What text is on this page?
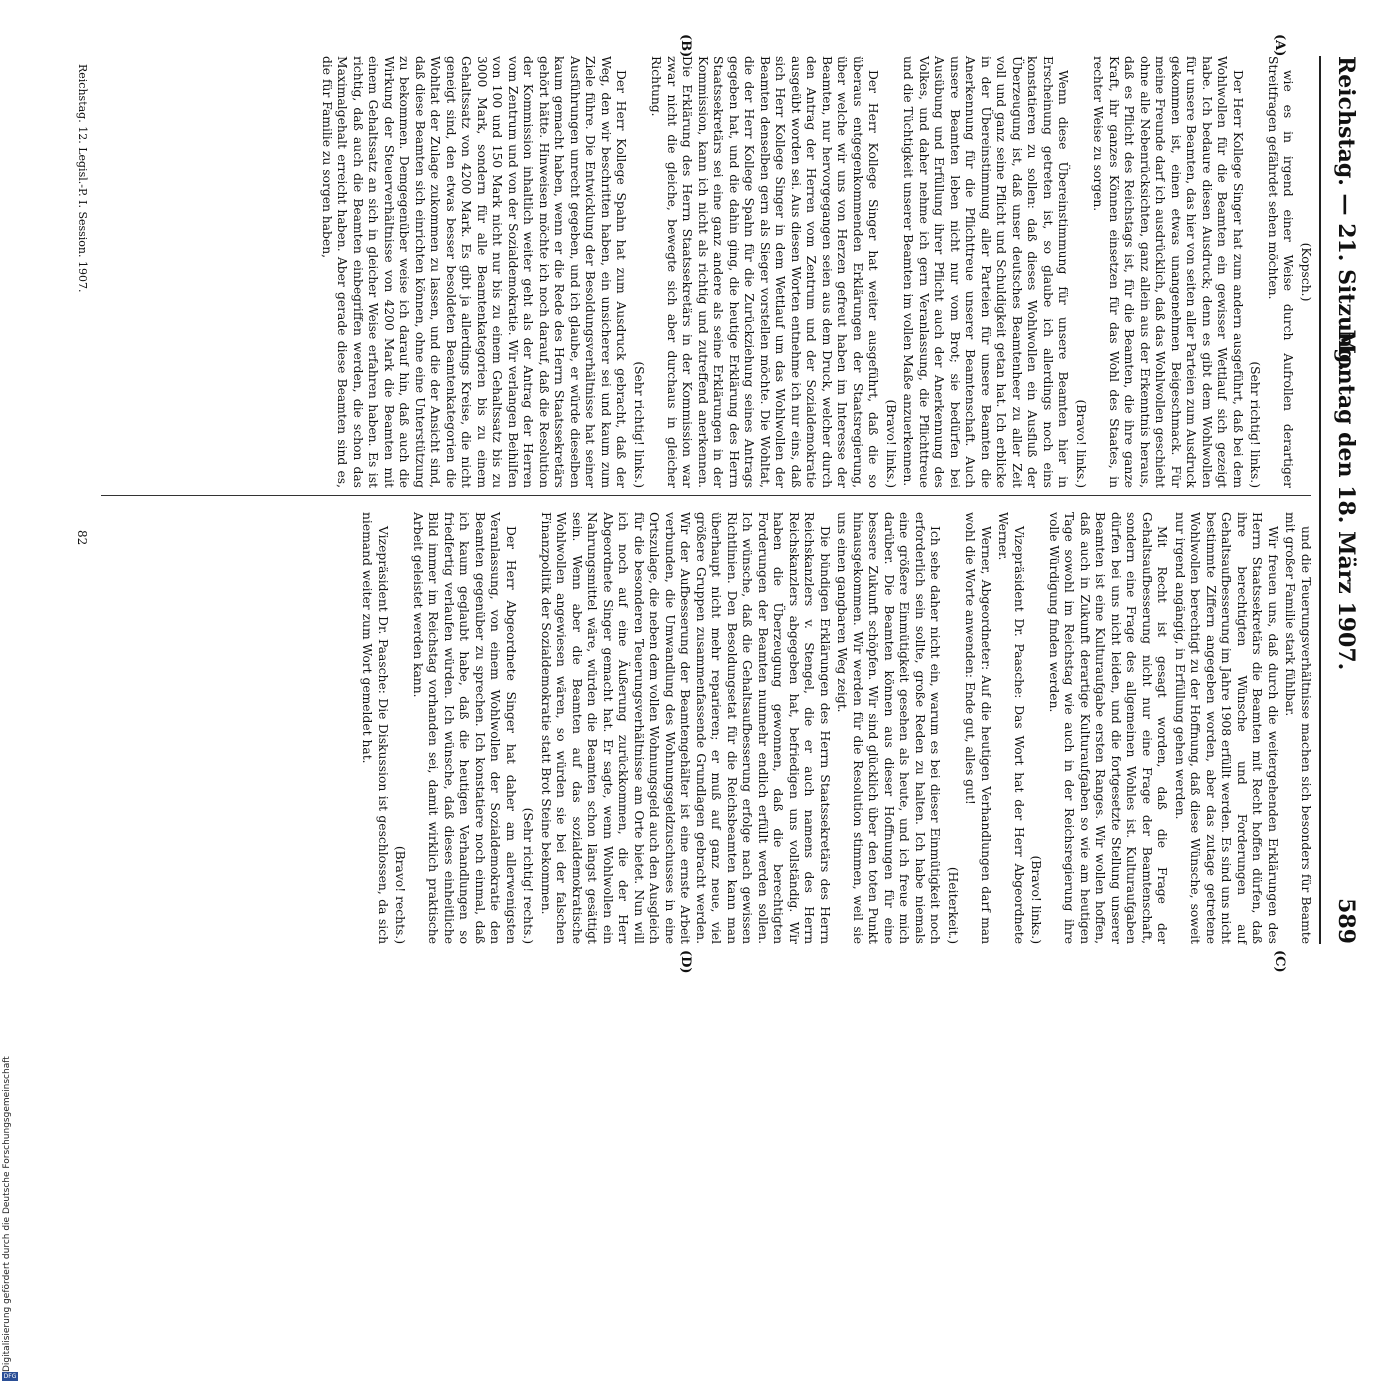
Reichstag. — 21. Sitzung.
Montag den 18. März 1907.
589
(A)
(B)
(C)
(D)

(Kopsch.)

wie es in irgend einer Weise durch Aufrollen derartiger Streitfragen gefährdet sehen möchten.

(Sehr richtig! links.)

Der Herr Kollege Singer hat zum andern ausgeführt, daß bei dem Wohlwollen für die Beamten ein gewisser Wettlauf sich gezeigt habe. Ich bedaure diesen Ausdruck; denn es gibt dem Wohlwollen für unsere Beamten, das hier von seiten aller Parteien zum Ausdruck gekommen ist, einen etwas unangenehmen Beigeschmack. Für meine Freunde darf ich ausdrücklich, daß das Wohlwollen geschieht ohne alle Nebenrücksichten, ganz allein aus der Erkenntnis heraus, daß es Pflicht des Reichstags ist, für die Beamten, die ihre ganze Kraft, ihr ganzes Können einsetzen für das Wohl des Staates, in rechter Weise zu sorgen.

(Bravo! links.)

Wenn diese Übereinstimmung für unsere Beamten hier in Erscheinung getreten ist, so glaube ich allerdings noch eins konstatieren zu sollen: daß dieses Wohlwollen ein Ausfluß der Überzeugung ist, daß unser deutsches Beamtenheer zu aller Zeit voll und ganz seine Pflicht und Schuldigkeit getan hat. Ich erblicke in der Übereinstimmung aller Parteien für unsere Beamten die Anerkennung für die Pflichttreue unserer Beamtenschaft. Auch unsere Beamten leben nicht nur vom Brot; sie bedürfen bei Ausübung und Erfüllung ihrer Pflicht auch der Anerkennung des Volkes, und daher nehme ich gern Veranlassung, die Pflichttreue und die Tüchtigkeit unserer Beamten im vollen Maße anzuerkennen.

(Bravo! links.)

Der Herr Kollege Singer hat weiter ausgeführt, daß die so überaus entgegenkommenden Erklärungen der Staatsregierung, über welche wir uns von Herzen gefreut haben im Interesse der Beamten, nur hervorgegangen seien aus dem Druck, welcher durch den Antrag der Herren vom Zentrum und der Sozialdemokratie ausgeübt worden sei. Aus diesen Worten entnehme ich nur eins, daß sich Herr Kollege Singer in dem Wettlauf um das Wohlwollen der Beamten denselben gern als Sieger vorstellen möchte. Die Wohltat, die der Herr Kollege Spahn für die Zurückziehung seines Antrags gegeben hat, und die dahin ging, die heutige Erklärung des Herrn Staatssekretärs sei eine ganz andere als seine Erklärungen in der Kommission, kann ich nicht als richtig und zutreffend anerkennen. Die Erklärung des Herrn Staatssekretärs in der Kommission war zwar nicht die gleiche, bewegte sich aber durchaus in gleicher Richtung.

(Sehr richtig! links.)

Der Herr Kollege Spahn hat zum Ausdruck gebracht, daß der Weg, den wir beschritten haben, ein unsicherer sei und kaum zum Ziele führe. Die Entwicklung der Besoldungsverhältnisse hat seiner Ausführungen unrecht gegeben, und ich glaube, er würde dieselben kaum gemacht haben, wenn er die Rede des Herrn Staatssekretärs gehört hätte. Hinweisen möchte ich noch darauf, daß die Resolution der Kommission inhaltlich weiter geht als der Antrag der Herren vom Zentrum und von der Sozialdemokratie. Wir verlangen Beihilfen von 100 und 150 Mark nicht nur bis zu einem Gehaltssatz bis zu 3000 Mark, sondern für alle Beamtenkategorien bis zu einem Gehaltssatz von 4200 Mark. Es gibt ja allerdings Kreise, die nicht geneigt sind, den etwas besser besoldeten Beamtenkategorien die Wohltat der Zulage zukommen zu lassen, und die der Ansicht sind, daß diese Beamten sich einrichten können, ohne eine Unterstützung zu bekommen. Demgegenüber weise ich darauf hin, daß auch die Wirkung der Steuerverhältnisse von 4200 Mark die Beamten mit einem Gehaltssatz an sich in gleicher Weise erfahren haben. Es ist richtig, daß auch die Beamten einbegriffen werden, die schon das Maximalgehalt erreicht haben. Aber gerade diese Beamten sind es, die für Familie zu sorgen haben,

und die Teuerungsverhältnisse machen sich besonders für Beamte mit großer Familie stark fühlbar.

Wir freuen uns, daß durch die weitergehenden Erklärungen des Herrn Staatssekretärs die Beamten mit Recht hoffen dürfen, daß ihre berechtigten Wünsche und Forderungen auf Gehaltsaufbesserung im Jahre 1908 erfüllt werden. Es sind uns nicht bestimmte Ziffern angegeben worden, aber das zutage getretene Wohlwollen berechtigt zu der Hoffnung, daß diese Wünsche, soweit nur irgend angängig, in Erfüllung gehen werden.

Mit Recht ist gesagt worden, daß die Frage der Gehaltsaufbesserung nicht nur eine Frage der Beamtenschaft, sondern eine Frage des allgemeinen Wohles ist. Kulturaufgaben dürfen bei uns nicht leiden, und die fortgesetzte Stellung unserer Beamten ist eine Kulturaufgabe ersten Ranges. Wir wollen hoffen, daß auch in Zukunft derartige Kulturaufgaben so wie am heutigen Tage sowohl im Reichstag wie auch in der Reichsregierung ihre volle Würdigung finden werden.

(Bravo! links.)

Vizepräsident Dr. Paasche: Das Wort hat der Herr Abgeordnete Werner.

Werner, Abgeordneter: Auf die heutigen Verhandlungen darf man wohl die Worte anwenden: Ende gut, alles gut!

(Heiterkeit.)

Ich sehe daher nicht ein, warum es bei dieser Einmütigkeit noch erforderlich sein sollte, große Reden zu halten. Ich habe niemals eine größere Einmütigkeit gesehen als heute, und ich freue mich darüber. Die Beamten können aus dieser Hoffnungen für eine bessere Zukunft schöpfen. Wir sind glücklich über den toten Punkt hinausgekommen. Wir werden für die Resolution stimmen, weil sie uns einen gangbaren Weg zeigt.

Die bündigen Erklärungen des Herrn Staatssekretärs des Herrn Reichskanzlers v. Stengel, die er auch namens des Herrn Reichskanzlers abgegeben hat, befriedigen uns vollständig. Wir haben die Überzeugung gewonnen, daß die berechtigten Forderungen der Beamten nunmehr endlich erfüllt werden sollen. Ich wünsche, daß die Gehaltsaufbesserung erfolge nach gewissen Richtlinien. Den Besoldungsetat für die Reichsbeamten kann man überhaupt nicht mehr reparieren; er muß auf ganz neue, viel größere Gruppen zusammenfassende Grundlagen gebracht werden. Wir der Aufbesserung der Beamtengehälter ist eine ernste Arbeit verbunden, die Umwandlung des Wohnungsgeldzuschusses in eine Ortszulage, die neben dem vollen Wohnungsgeld auch den Ausgleich für die besonderen Teuerungsverhältnisse am Orte bietet. Nun will ich noch auf eine Äußerung zurückkommen, die der Herr Abgeordnete Singer gemacht hat. Er sagte, wenn Wohlwollen ein Nahrungsmittel wäre, würden die Beamten schon längst gesättigt sein. Wenn aber die Beamten auf das sozialdemokratische Wohlwollen angewiesen wären, so würden sie bei der falschen Finanzpolitik der Sozialdemokratie statt Brot Steine bekommen.

(Sehr richtig! rechts.)

Der Herr Abgeordnete Singer hat daher am allerwenigsten Veranlassung, von einem Wohlwollen der Sozialdemokratie den Beamten gegenüber zu sprechen. Ich konstatiere noch einmal, daß ich kaum geglaubt habe, daß die heutigen Verhandlungen so friedfertig verlaufen würden. Ich wünsche, daß dieses einheitliche Bild immer im Reichstag vorhanden sei, damit wirklich praktische Arbeit geleistet werden kann.

(Bravo! rechts.)

Vizepräsident Dr. Paasche: Die Diskussion ist geschlossen, da sich niemand weiter zum Wort gemeldet hat.

Reichstag. 12. Legisl.-P. I. Session. 1907.
82
Digitalisierung gefördert durch die Deutsche Forschungsgemeinschaft
DFG
